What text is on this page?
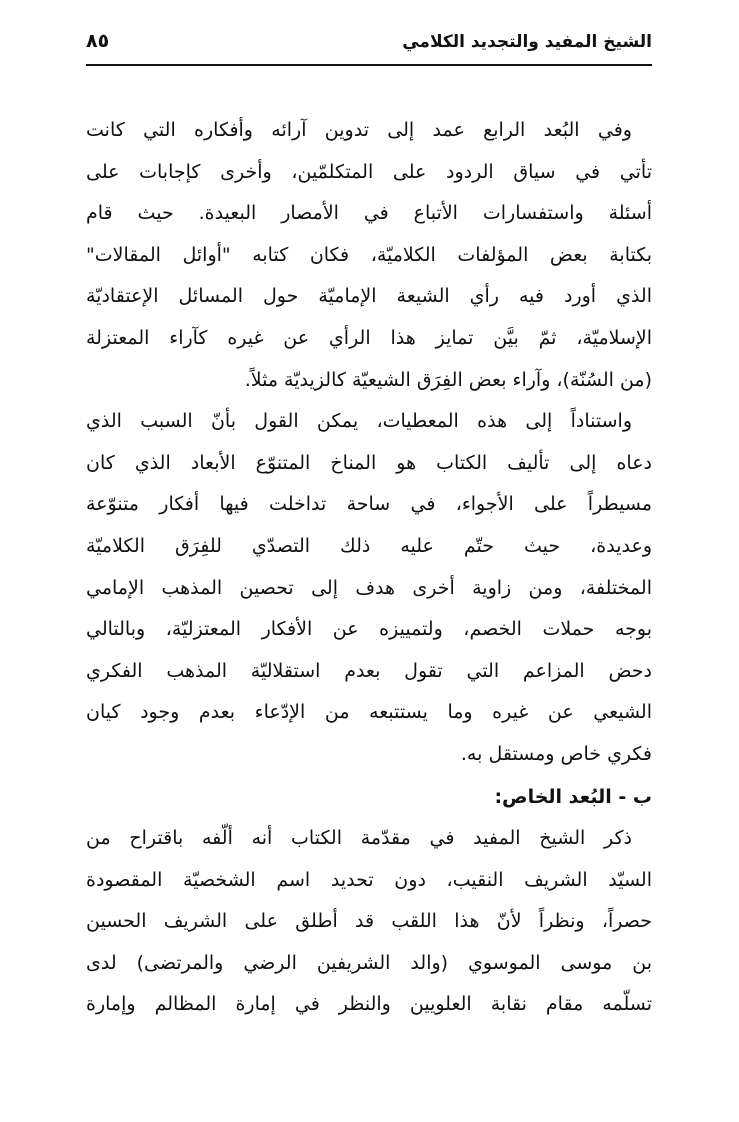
الشيخ المفيد والتجديد الكلامي
٨٥
وفي البُعد الرابع عمد إلى تدوين آرائه وأفكاره التي كانت
تأتي في سياق الردود على المتكلمّين، وأخرى كإجابات على
أسئلة واستفسارات الأتباع في الأمصار البعيدة. حيث قام
بكتابة بعض المؤلفات الكلاميّة، فكان كتابه "أوائل المقالات"
الذي أورد فيه رأي الشيعة الإماميّة حول المسائل الإعتقاديّة
الإسلاميّة، ثمّ بيَّن تمايز هذا الرأي عن غيره كآراء المعتزلة
(من السُنّة)، وآراء بعض الفِرَق الشيعيّة كالزيديّة مثلاً.
واستناداً إلى هذه المعطيات، يمكن القول بأنّ السبب الذي
دعاه إلى تأليف الكتاب هو المناخ المتنوّع الأبعاد الذي كان
مسيطراً على الأجواء، في ساحة تداخلت فيها أفكار متنوّعة
وعديدة، حيث حتّم عليه ذلك التصدّي للفِرَق الكلاميّة
المختلفة، ومن زاوية أخرى هدف إلى تحصين المذهب الإمامي
بوجه حملات الخصم، ولتمييزه عن الأفكار المعتزليّة، وبالتالي
دحض المزاعم التي تقول بعدم استقلاليّة المذهب الفكري
الشيعي عن غيره وما يستتبعه من الإدّعاء بعدم وجود كيان
فكري خاص ومستقل به.
ب - البُعد الخاص:
ذكر الشيخ المفيد في مقدّمة الكتاب أنه ألّفه باقتراح من
السيّد الشريف النقيب، دون تحديد اسم الشخصيّة المقصودة
حصراً، ونظراً لأنّ هذا اللقب قد أطلق على الشريف الحسين
بن موسى الموسوي (والد الشريفين الرضي والمرتضى) لدى
تسلّمه مقام نقابة العلويين والنظر في إمارة المظالم وإمارة
